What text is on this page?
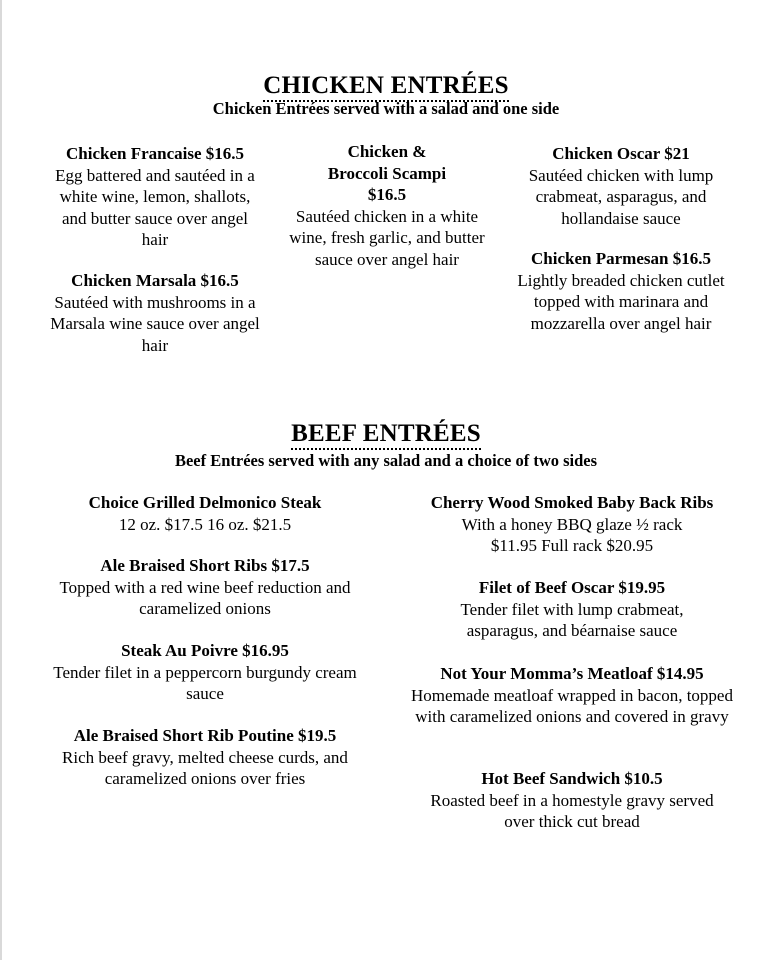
CHICKEN ENTRÉES
Chicken Entrées served with a salad and one side
Chicken Francaise $16.5
Egg battered and sautéed in a white wine, lemon, shallots, and butter sauce over angel hair
Chicken Marsala $16.5
Sautéed with mushrooms in a Marsala wine sauce over angel hair
Chicken & Broccoli Scampi $16.5
Sautéed chicken in a white wine, fresh garlic, and butter sauce over angel hair
Chicken Oscar $21
Sautéed chicken with lump crabmeat, asparagus, and hollandaise sauce
Chicken Parmesan $16.5
Lightly breaded chicken cutlet topped with marinara and mozzarella over angel hair
BEEF ENTRÉES
Beef Entrées served with any salad and a choice of two sides
Choice Grilled Delmonico Steak
12 oz. $17.5 16 oz. $21.5
Ale Braised Short Ribs $17.5
Topped with a red wine beef reduction and caramelized onions
Steak Au Poivre $16.95
Tender filet in a peppercorn burgundy cream sauce
Ale Braised Short Rib Poutine $19.5
Rich beef gravy, melted cheese curds, and caramelized onions over fries
Cherry Wood Smoked Baby Back Ribs
With a honey BBQ glaze ½ rack $11.95 Full rack $20.95
Filet of Beef Oscar $19.95
Tender filet with lump crabmeat, asparagus, and béarnaise sauce
Not Your Momma’s Meatloaf $14.95
Homemade meatloaf wrapped in bacon, topped with caramelized onions and covered in gravy
Hot Beef Sandwich $10.5
Roasted beef in a homestyle gravy served over thick cut bread
